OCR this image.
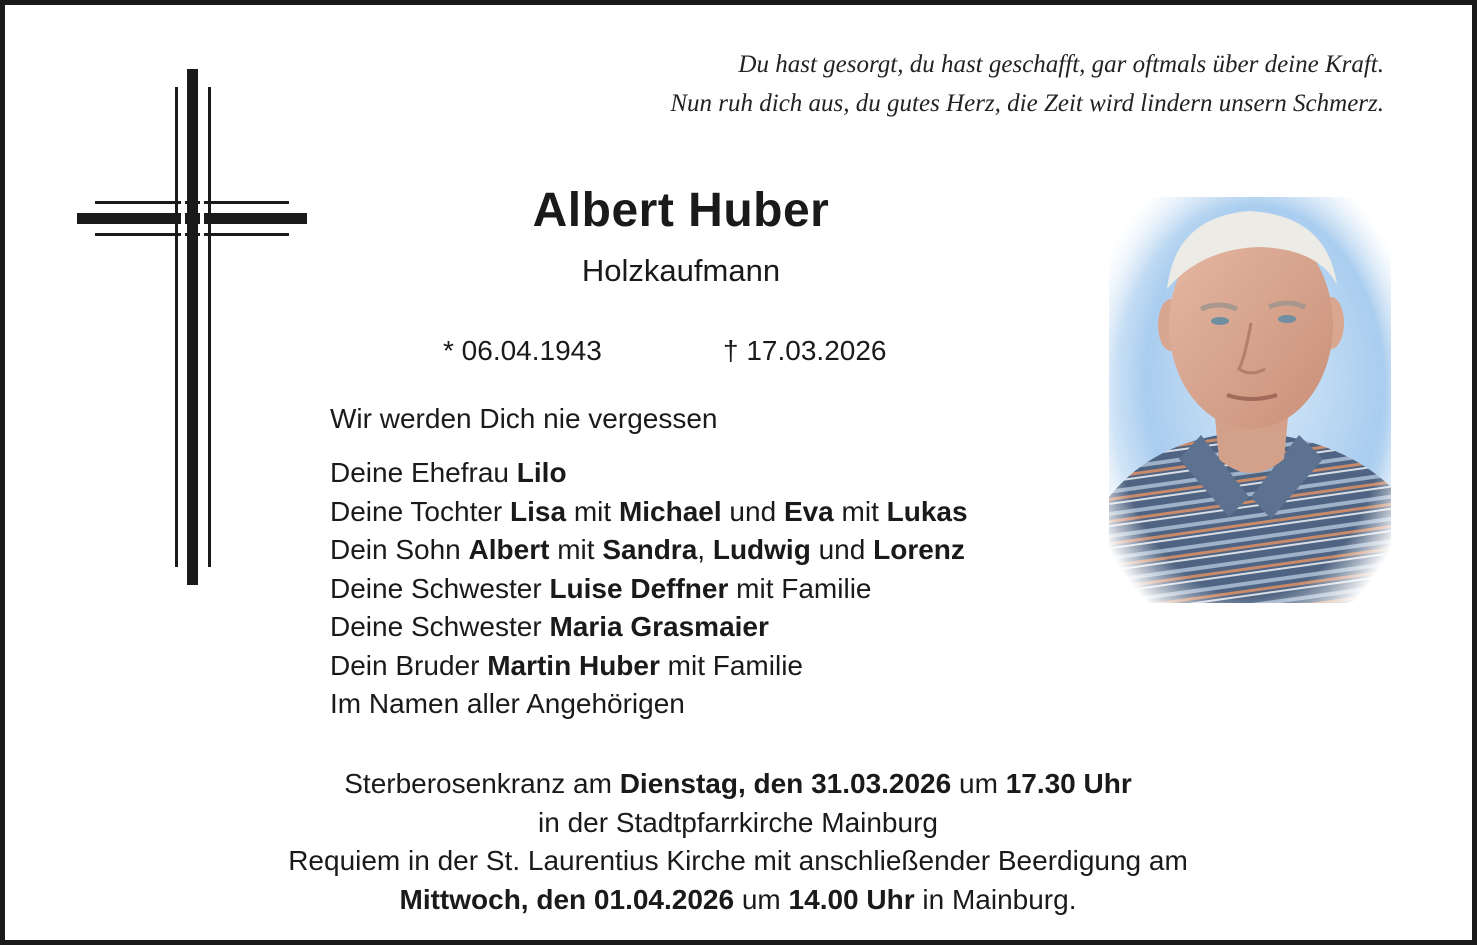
Du hast gesorgt, du hast geschafft, gar oftmals über deine Kraft.
Nun ruh dich aus, du gutes Herz, die Zeit wird lindern unsern Schmerz.
Albert Huber
Holzkaufmann
* 06.04.1943	† 17.03.2026
Wir werden Dich nie vergessen
Deine Ehefrau Lilo
Deine Tochter Lisa mit Michael und Eva mit Lukas
Dein Sohn Albert mit Sandra, Ludwig und Lorenz
Deine Schwester Luise Deffner mit Familie
Deine Schwester Maria Grasmaier
Dein Bruder Martin Huber mit Familie
Im Namen aller Angehörigen
Sterberosenkranz am Dienstag, den 31.03.2026 um 17.30 Uhr
in der Stadtpfarrkirche Mainburg
Requiem in der St. Laurentius Kirche mit anschließender Beerdigung am
Mittwoch, den 01.04.2026 um 14.00 Uhr in Mainburg.
